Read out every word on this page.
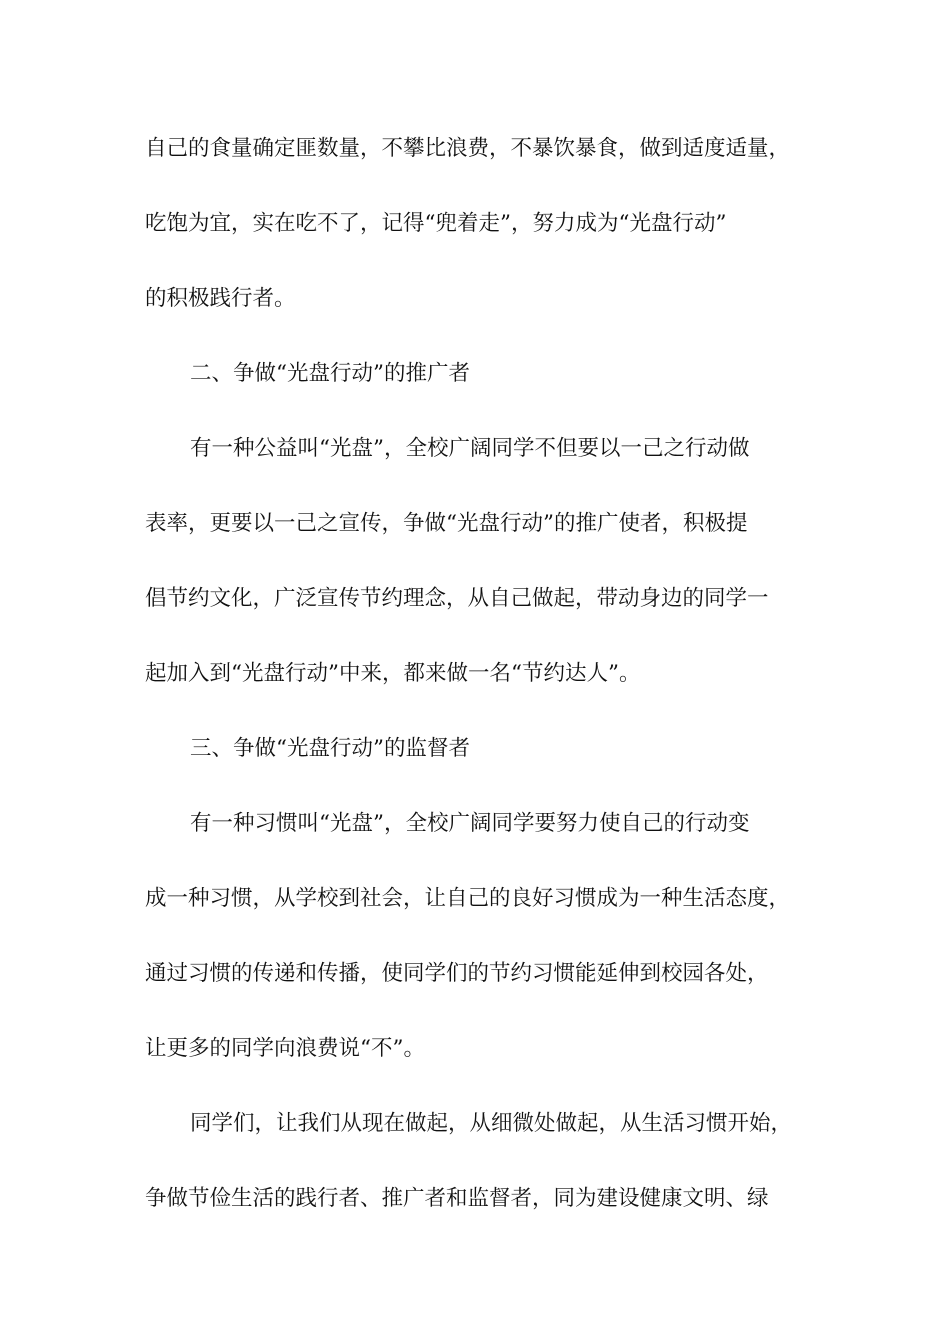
自己的食量确定匪数量，不攀比浪费，不暴饮暴食，做到适度适量，
吃饱为宜，实在吃不了，记得“兜着走”，努力成为“光盘行动”
的积极践行者。
二、争做“光盘行动”的推广者
有一种公益叫“光盘”，全校广阔同学不但要以一己之行动做
表率，更要以一己之宣传，争做“光盘行动”的推广使者，积极提
倡节约文化，广泛宣传节约理念，从自己做起，带动身边的同学一
起加入到“光盘行动”中来，都来做一名“节约达人”。
三、争做“光盘行动”的监督者
有一种习惯叫“光盘”，全校广阔同学要努力使自己的行动变
成一种习惯，从学校到社会，让自己的良好习惯成为一种生活态度，
通过习惯的传递和传播，使同学们的节约习惯能延伸到校园各处，
让更多的同学向浪费说“不”。
同学们，让我们从现在做起，从细微处做起，从生活习惯开始，
争做节俭生活的践行者、推广者和监督者，同为建设健康文明、绿
